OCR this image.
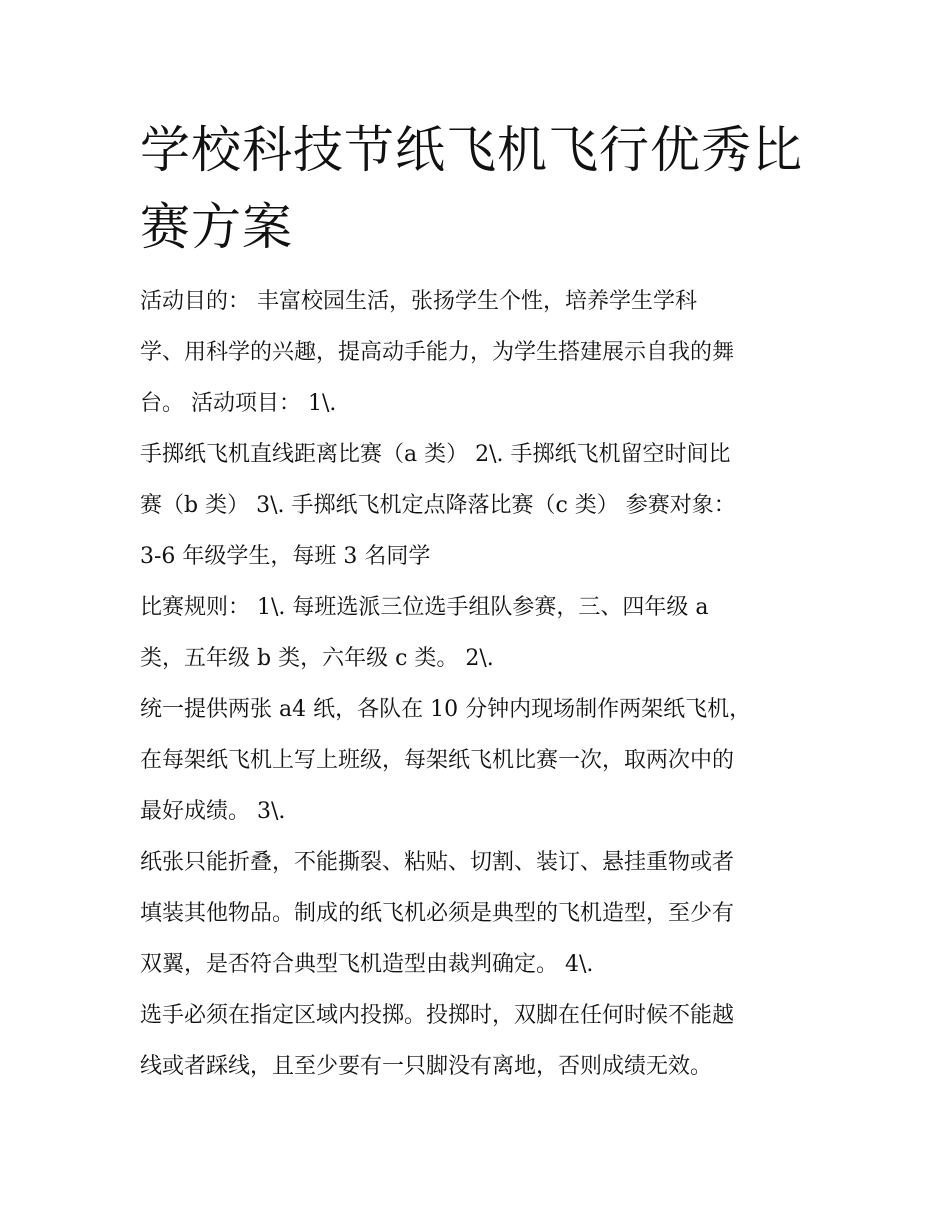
学校科技节纸飞机飞行优秀比
赛方案

活动目的： 丰富校园生活，张扬学生个性，培养学生学科

学、用科学的兴趣，提高动手能力，为学生搭建展示自我的舞

台。 活动项目： 1\.

手掷纸飞机直线距离比赛（a 类） 2\. 手掷纸飞机留空时间比

赛（b 类） 3\. 手掷纸飞机定点降落比赛（c 类） 参赛对象：

3-6 年级学生，每班 3 名同学

比赛规则： 1\. 每班选派三位选手组队参赛，三、四年级 a

类，五年级 b 类，六年级 c 类。 2\.

统一提供两张 a4 纸，各队在 10 分钟内现场制作两架纸飞机，

在每架纸飞机上写上班级，每架纸飞机比赛一次，取两次中的

最好成绩。 3\.

纸张只能折叠，不能撕裂、粘贴、切割、装订、悬挂重物或者

填装其他物品。制成的纸飞机必须是典型的飞机造型，至少有

双翼，是否符合典型飞机造型由裁判确定。 4\.

选手必须在指定区域内投掷。投掷时，双脚在任何时候不能越

线或者踩线，且至少要有一只脚没有离地，否则成绩无效。
